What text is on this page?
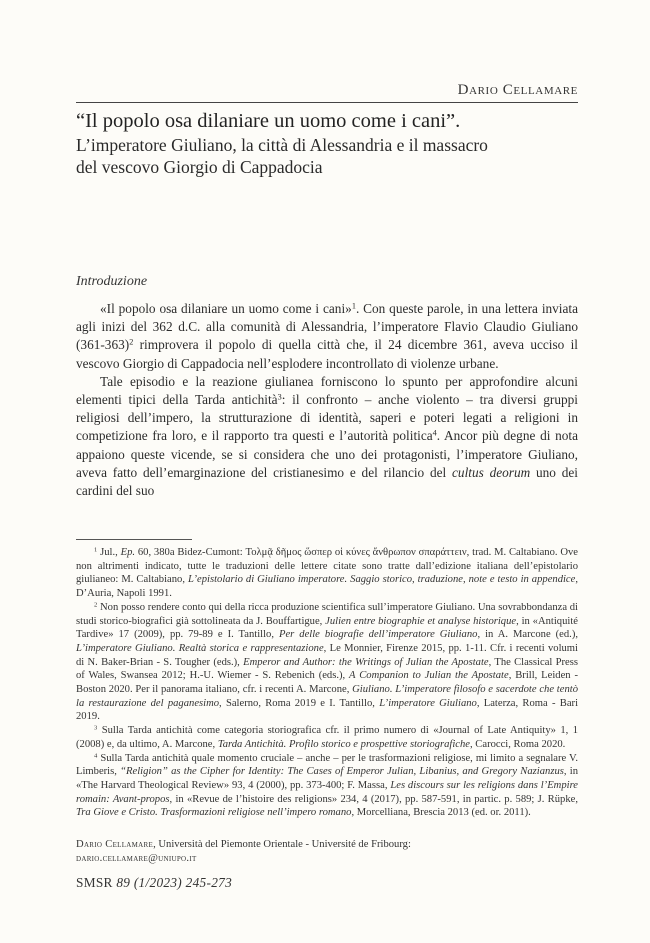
Dario Cellamare
“Il popolo osa dilaniare un uomo come i cani”.
L’imperatore Giuliano, la città di Alessandria e il massacro
del vescovo Giorgio di Cappadocia
Introduzione

«Il popolo osa dilaniare un uomo come i cani»$^1$. Con queste parole, in una lettera inviata agli inizi del 362 d.C. alla comunità di Alessandria, l’imperatore Flavio Claudio Giuliano $(361-363)^2$ rimprovera il popolo di quella città che, il 24 dicembre 361, aveva ucciso il vescovo Giorgio di Cappadocia nell’esplodere incontrollato di violenze urbane.

Tale episodio e la reazione giulianea forniscono lo spunto per approfondire alcuni elementi tipici della Tarda antichità$^3$: il confronto – anche violento – tra diversi gruppi religiosi dell’impero, la strutturazione di identità, saperi e poteri legati a religioni in competizione fra loro, e il rapporto tra questi e l’autorità politica$^4$. Ancor più degne di nota appaiono queste vicende, se si considera che uno dei protagonisti, l’imperatore Giuliano, aveva fatto dell’emarginazione del cristianesimo e del rilancio del cultus deorum uno dei cardini del suo

$^1$ Jul., Ep. 60, 380a Bidez-Cumont: Τολμᾷ δῆμος ὥσπερ οἱ κύνες ἄνθρωπον σπαράττειν, trad. M. Caltabiano. Ove non altrimenti indicato, tutte le traduzioni delle lettere citate sono tratte dall’edizione italiana dell’epistolario giulianeo: M. Caltabiano, L’epistolario di Giuliano imperatore. Saggio storico, traduzione, note e testo in appendice, D’Auria, Napoli 1991.

$^2$ Non posso rendere conto qui della ricca produzione scientifica sull’imperatore Giuliano. Una sovrabbondanza di studi storico-biografici già sottolineata da J. Bouffartigue, Julien entre biographie et analyse historique, in «Antiquité Tardive» 17 (2009), pp. 79-89 e I. Tantillo, Per delle biografie dell’imperatore Giuliano, in A. Marcone (ed.), L’imperatore Giuliano. Realtà storica e rappresentazione, Le Monnier, Firenze 2015, pp. 1-11. Cfr. i recenti volumi di N. Baker-Brian - S. Tougher (eds.), Emperor and Author: the Writings of Julian the Apostate, The Classical Press of Wales, Swansea 2012; H.-U. Wiemer - S. Rebenich (eds.), A Companion to Julian the Apostate, Brill, Leiden - Boston 2020. Per il panorama italiano, cfr. i recenti A. Marcone, Giuliano. L’imperatore filosofo e sacerdote che tentò la restaurazione del paganesimo, Salerno, Roma 2019 e I. Tantillo, L’imperatore Giuliano, Laterza, Roma - Bari 2019.

$^3$ Sulla Tarda antichità come categoria storiografica cfr. il primo numero di «Journal of Late Antiquity» 1, 1 (2008) e, da ultimo, A. Marcone, Tarda Antichità. Profilo storico e prospettive storiografiche, Carocci, Roma 2020.

$^4$ Sulla Tarda antichità quale momento cruciale – anche – per le trasformazioni religiose, mi limito a segnalare V. Limberis, “Religion” as the Cipher for Identity: The Cases of Emperor Julian, Libanius, and Gregory Nazianzus, in «The Harvard Theological Review» 93, 4 (2000), pp. 373-400; F. Massa, Les discours sur les religions dans l’Empire romain: Avant-propos, in «Revue de l’histoire des religions» 234, 4 (2017), pp. 587-591, in partic. p. 589; J. Rüpke, Tra Giove e Cristo. Trasformazioni religiose nell’impero romano, Morcelliana, Brescia 2013 (ed. or. 2011).

Dario Cellamare, Università del Piemonte Orientale - Université de Fribourg:
dario.cellamare@uniupo.it
SMSR 89 (1/2023) 245-273
